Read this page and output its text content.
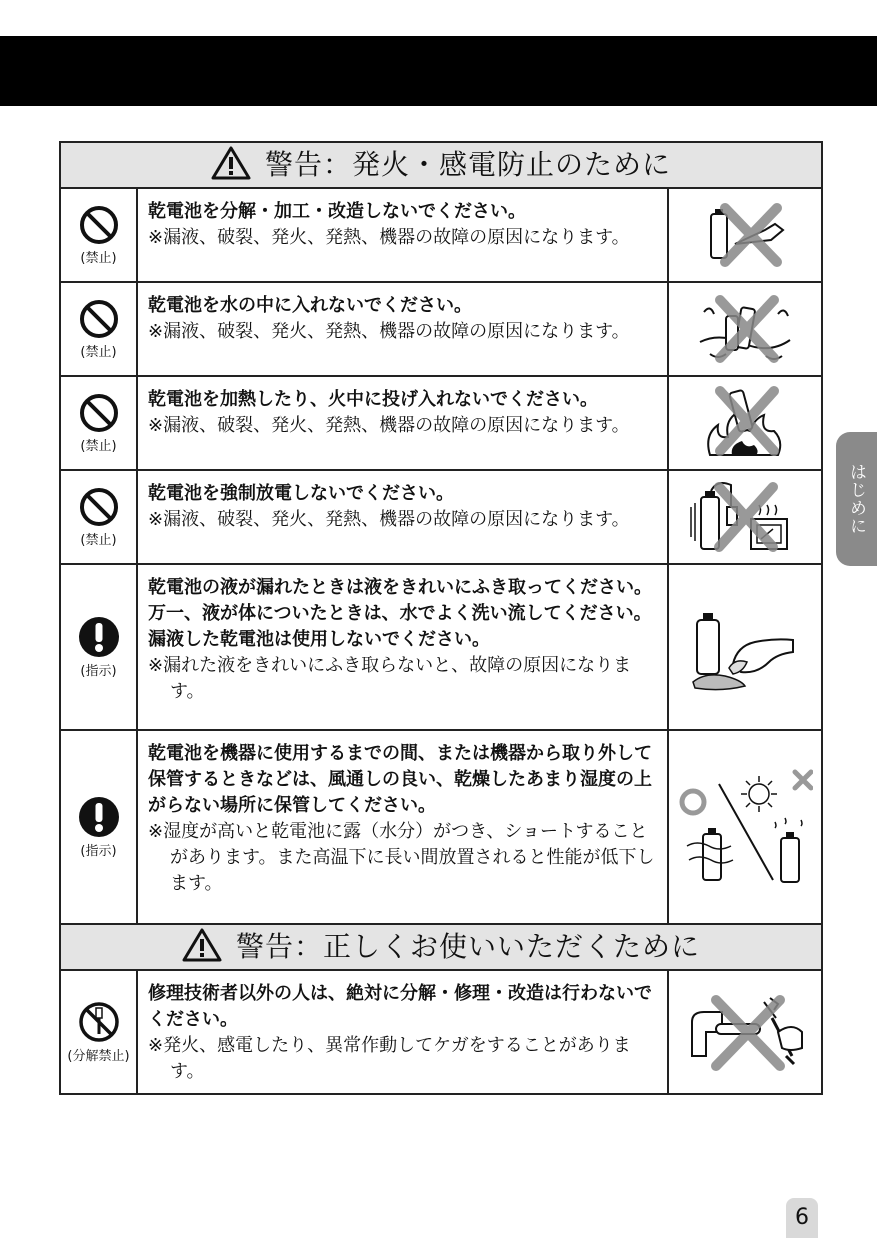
はじめに
警告：発火・感電防止のために		

(禁止)	乾電池を分解・加工・改造しないでください。
※漏液、破裂、発火、発熱、機器の故障の原因になります。

(禁止)	乾電池を水の中に入れないでください。
※漏液、破裂、発火、発熱、機器の故障の原因になります。

(禁止)	乾電池を加熱したり、火中に投げ入れないでください。
※漏液、破裂、発火、発熱、機器の故障の原因になります。

(禁止)	乾電池を強制放電しないでください。
※漏液、破裂、発火、発熱、機器の故障の原因になります。

(指示)	乾電池の液が漏れたときは液をきれいにふき取ってください。万一、液が体についたときは、水でよく洗い流してください。漏液した乾電池は使用しないでください。
※漏れた液をきれいにふき取らないと、故障の原因になります。

(指示)	乾電池を機器に使用するまでの間、または機器から取り外して保管するときなどは、風通しの良い、乾燥したあまり湿度の上がらない場所に保管してください。
※湿度が高いと乾電池に露（水分）がつき、ショートすることがあります。また高温下に長い間放置されると性能が低下します。

警告：正しくお使いいただくために		

(分解禁止)	修理技術者以外の人は、絶対に分解・修理・改造は行わないでください。
※発火、感電したり、異常作動してケガをすることがあります。

6
